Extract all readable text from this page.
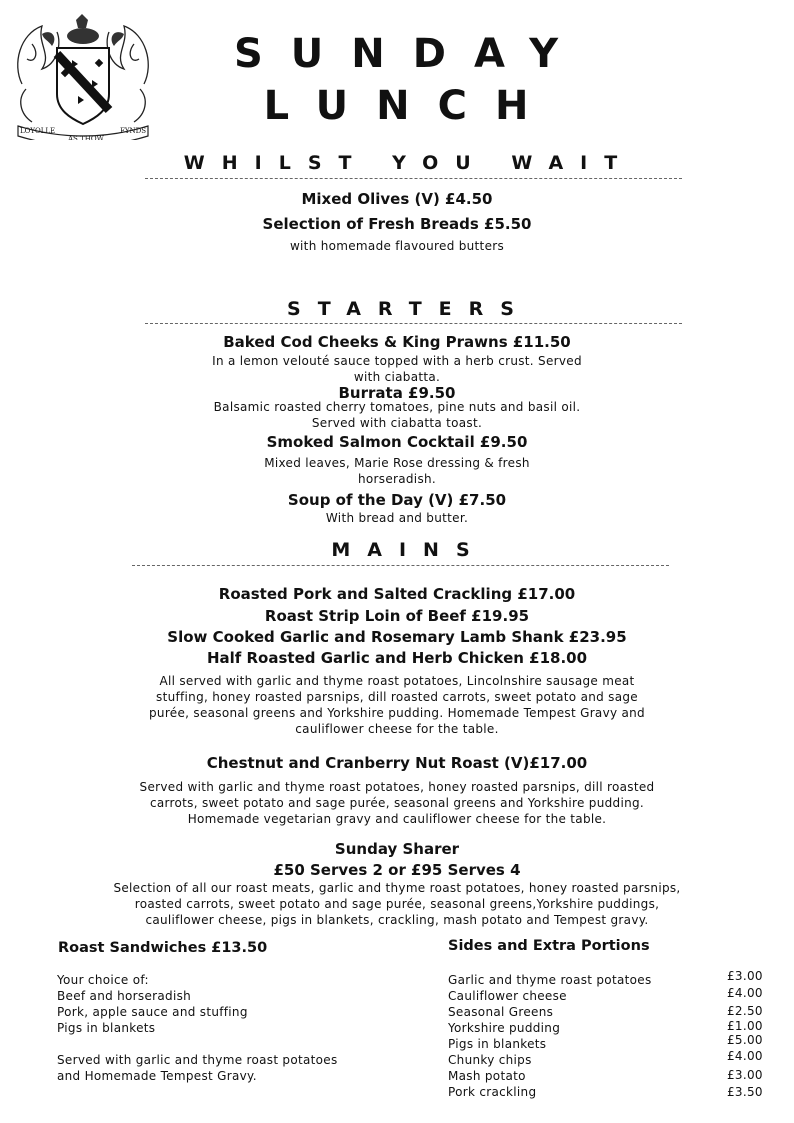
LOYOLLE
AS THOW
FYNDS
SUNDAY
LUNCH
WHILST YOU WAIT
Mixed Olives (V) £4.50
Selection of Fresh Breads £5.50
with homemade flavoured butters
STARTERS
Baked Cod Cheeks & King Prawns £11.50
In a lemon velouté sauce topped with a herb crust. Served
with ciabatta.
Burrata £9.50
Balsamic roasted cherry tomatoes, pine nuts and basil oil.
Served with ciabatta toast.
Smoked Salmon Cocktail £9.50
Mixed leaves, Marie Rose dressing & fresh
horseradish.
Soup of the Day (V) £7.50
With bread and butter.
MAINS
Roasted Pork and Salted Crackling £17.00
Roast Strip Loin of Beef £19.95
Slow Cooked Garlic and Rosemary Lamb Shank £23.95
Half Roasted Garlic and Herb Chicken £18.00
All served with garlic and thyme roast potatoes, Lincolnshire sausage meat
stuffing, honey roasted parsnips, dill roasted carrots, sweet potato and sage
purée, seasonal greens and Yorkshire pudding. Homemade Tempest Gravy and
cauliflower cheese for the table.
Chestnut and Cranberry Nut Roast (V)£17.00
Served with garlic and thyme roast potatoes, honey roasted parsnips, dill roasted
carrots, sweet potato and sage purée, seasonal greens and Yorkshire pudding.
Homemade vegetarian gravy and cauliflower cheese for the table.
Sunday Sharer
£50 Serves 2 or £95 Serves 4
Selection of all our roast meats, garlic and thyme roast potatoes, honey roasted parsnips,
roasted carrots, sweet potato and sage purée, seasonal greens,Yorkshire puddings,
cauliflower cheese, pigs in blankets, crackling, mash potato and Tempest gravy.
Roast Sandwiches £13.50
Your choice of:
Beef and horseradish
Pork, apple sauce and stuffing
Pigs in blankets
Served with garlic and thyme roast potatoes
and Homemade Tempest Gravy.
Sides and Extra Portions
Garlic and thyme roast potatoes	£3.00
Cauliflower cheese	£4.00
Seasonal Greens	£2.50
Yorkshire pudding	£1.00
Pigs in blankets	£5.00
Chunky chips	£4.00
Mash potato	£3.00
Pork crackling	£3.50
